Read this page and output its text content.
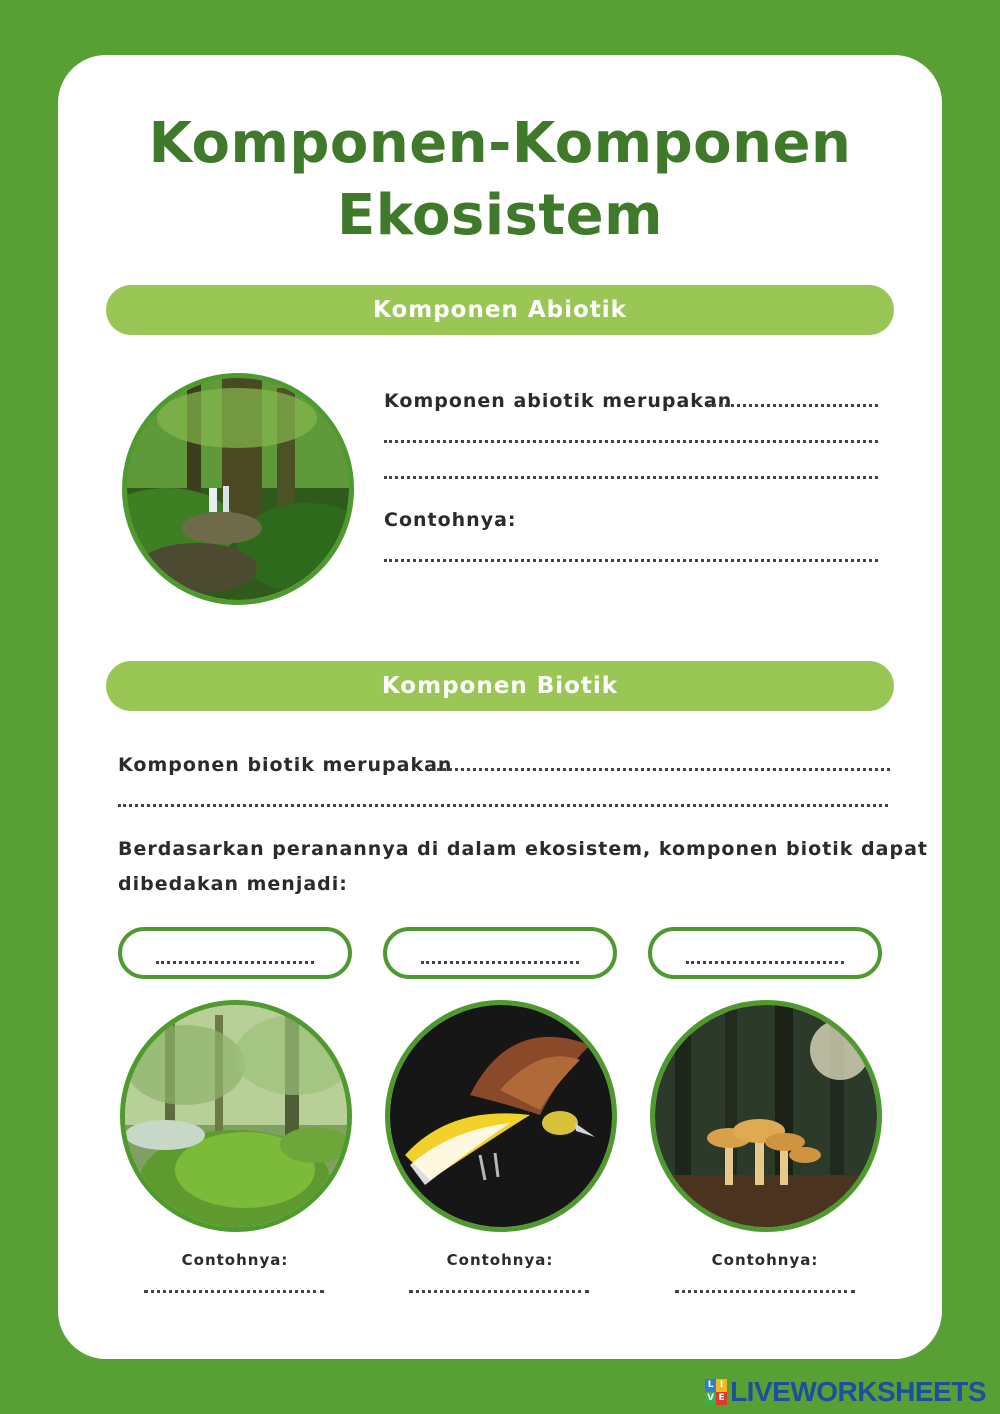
Komponen-Komponen
Ekosistem
Komponen Abiotik
Komponen abiotik merupakan
Contohnya:
Komponen Biotik
Komponen biotik merupakan
Berdasarkan peranannya di dalam ekosistem, komponen biotik dapat
dibedakan menjadi:
Contohnya:	Contohnya:	Contohnya:
L I
V E LIVEWORKSHEETS
